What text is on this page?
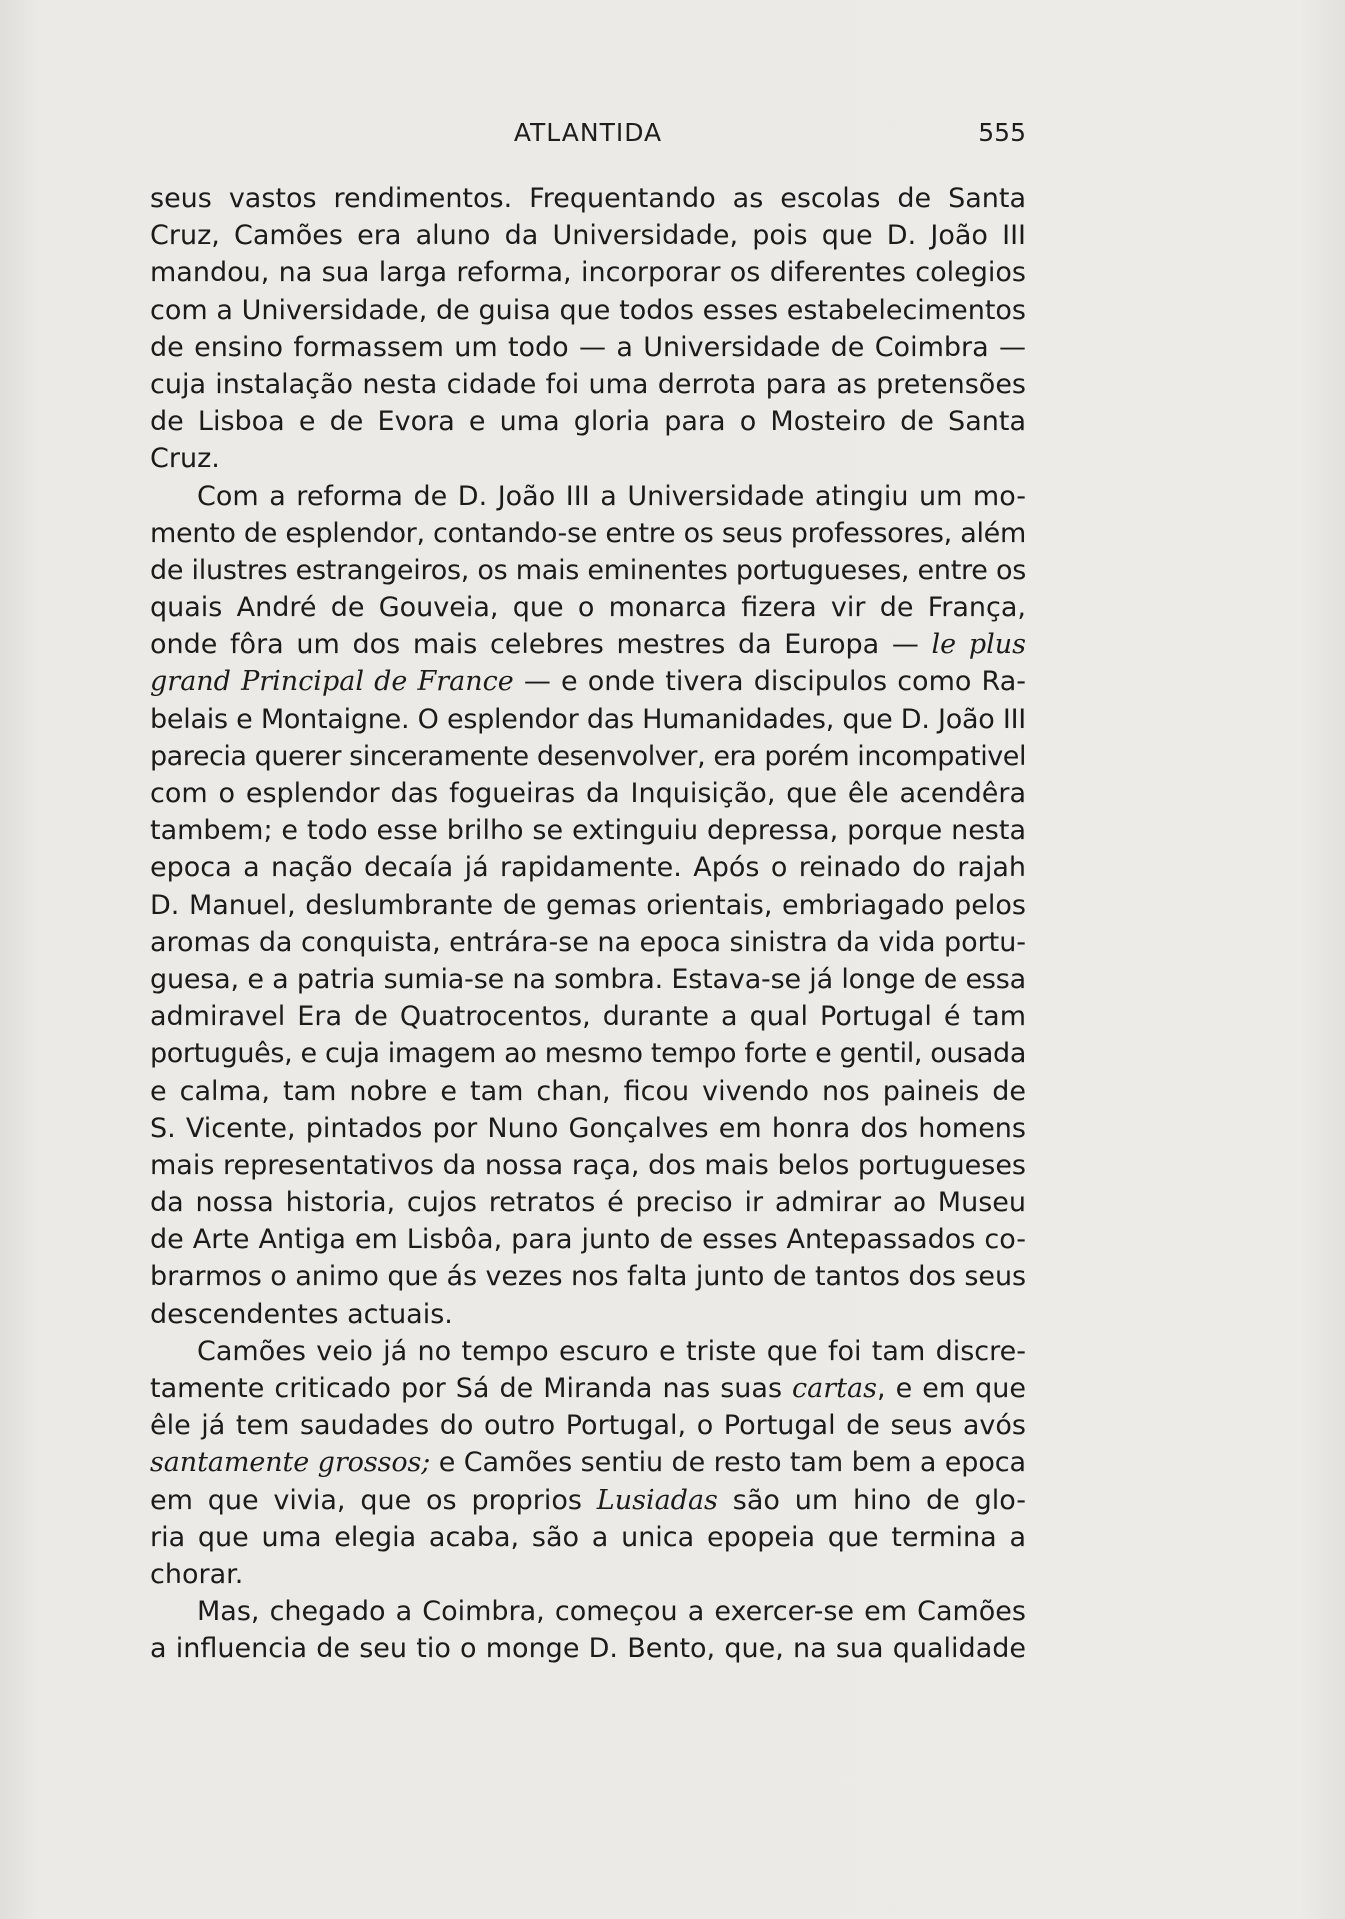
ATLANTIDA	555
seus vastos rendimentos. Frequentando as escolas de Santa
Cruz, Camões era aluno da Universidade, pois que D. João III
mandou, na sua larga reforma, incorporar os diferentes colegios
com a Universidade, de guisa que todos esses estabelecimentos
de ensino formassem um todo — a Universidade de Coimbra —
cuja instalação nesta cidade foi uma derrota para as pretensões
de Lisboa e de Evora e uma gloria para o Mosteiro de Santa
Cruz.
Com a reforma de D. João III a Universidade atingiu um mo-
mento de esplendor, contando-se entre os seus professores, além
de ilustres estrangeiros, os mais eminentes portugueses, entre os
quais André de Gouveia, que o monarca fizera vir de França,
onde fôra um dos mais celebres mestres da Europa — le plus
grand Principal de France — e onde tivera discipulos como Ra-
belais e Montaigne. O esplendor das Humanidades, que D. João III
parecia querer sinceramente desenvolver, era porém incompativel
com o esplendor das fogueiras da Inquisição, que êle acendêra
tambem; e todo esse brilho se extinguiu depressa, porque nesta
epoca a nação decaía já rapidamente. Após o reinado do rajah
D. Manuel, deslumbrante de gemas orientais, embriagado pelos
aromas da conquista, entrára-se na epoca sinistra da vida portu-
guesa, e a patria sumia-se na sombra. Estava-se já longe de essa
admiravel Era de Quatrocentos, durante a qual Portugal é tam
português, e cuja imagem ao mesmo tempo forte e gentil, ousada
e calma, tam nobre e tam chan, ficou vivendo nos paineis de
S. Vicente, pintados por Nuno Gonçalves em honra dos homens
mais representativos da nossa raça, dos mais belos portugueses
da nossa historia, cujos retratos é preciso ir admirar ao Museu
de Arte Antiga em Lisbôa, para junto de esses Antepassados co-
brarmos o animo que ás vezes nos falta junto de tantos dos seus
descendentes actuais.
Camões veio já no tempo escuro e triste que foi tam discre-
tamente criticado por Sá de Miranda nas suas cartas, e em que
êle já tem saudades do outro Portugal, o Portugal de seus avós
santamente grossos; e Camões sentiu de resto tam bem a epoca
em que vivia, que os proprios Lusiadas são um hino de glo-
ria que uma elegia acaba, são a unica epopeia que termina a
chorar.
Mas, chegado a Coimbra, começou a exercer-se em Camões
a influencia de seu tio o monge D. Bento, que, na sua qualidade
